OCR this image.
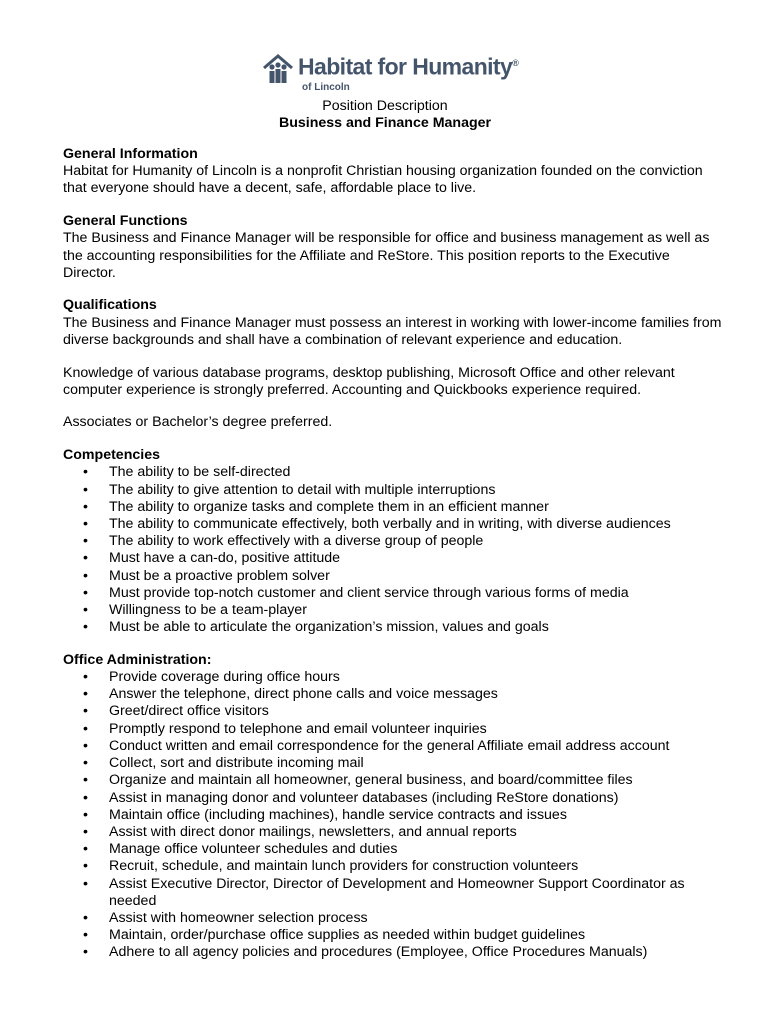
Habitat for Humanity®
of Lincoln
Position Description
Business and Finance Manager
General Information

Habitat for Humanity of Lincoln is a nonprofit Christian housing organization founded on the conviction that everyone should have a decent, safe, affordable place to live.

General Functions

The Business and Finance Manager will be responsible for office and business management as well as the accounting responsibilities for the Affiliate and ReStore. This position reports to the Executive Director.

Qualifications

The Business and Finance Manager must possess an interest in working with lower-income families from diverse backgrounds and shall have a combination of relevant experience and education.

Knowledge of various database programs, desktop publishing, Microsoft Office and other relevant computer experience is strongly preferred. Accounting and Quickbooks experience required.

Associates or Bachelor’s degree preferred.

Competencies
• The ability to be self-directed
• The ability to give attention to detail with multiple interruptions
• The ability to organize tasks and complete them in an efficient manner
• The ability to communicate effectively, both verbally and in writing, with diverse audiences
• The ability to work effectively with a diverse group of people
• Must have a can-do, positive attitude
• Must be a proactive problem solver
• Must provide top-notch customer and client service through various forms of media
• Willingness to be a team-player
• Must be able to articulate the organization’s mission, values and goals
Office Administration:
• Provide coverage during office hours
• Answer the telephone, direct phone calls and voice messages
• Greet/direct office visitors
• Promptly respond to telephone and email volunteer inquiries
• Conduct written and email correspondence for the general Affiliate email address account
• Collect, sort and distribute incoming mail
• Organize and maintain all homeowner, general business, and board/committee files
• Assist in managing donor and volunteer databases (including ReStore donations)
• Maintain office (including machines), handle service contracts and issues
• Assist with direct donor mailings, newsletters, and annual reports
• Manage office volunteer schedules and duties
• Recruit, schedule, and maintain lunch providers for construction volunteers
• Assist Executive Director, Director of Development and Homeowner Support Coordinator as needed
• Assist with homeowner selection process
• Maintain, order/purchase office supplies as needed within budget guidelines
• Adhere to all agency policies and procedures (Employee, Office Procedures Manuals)
